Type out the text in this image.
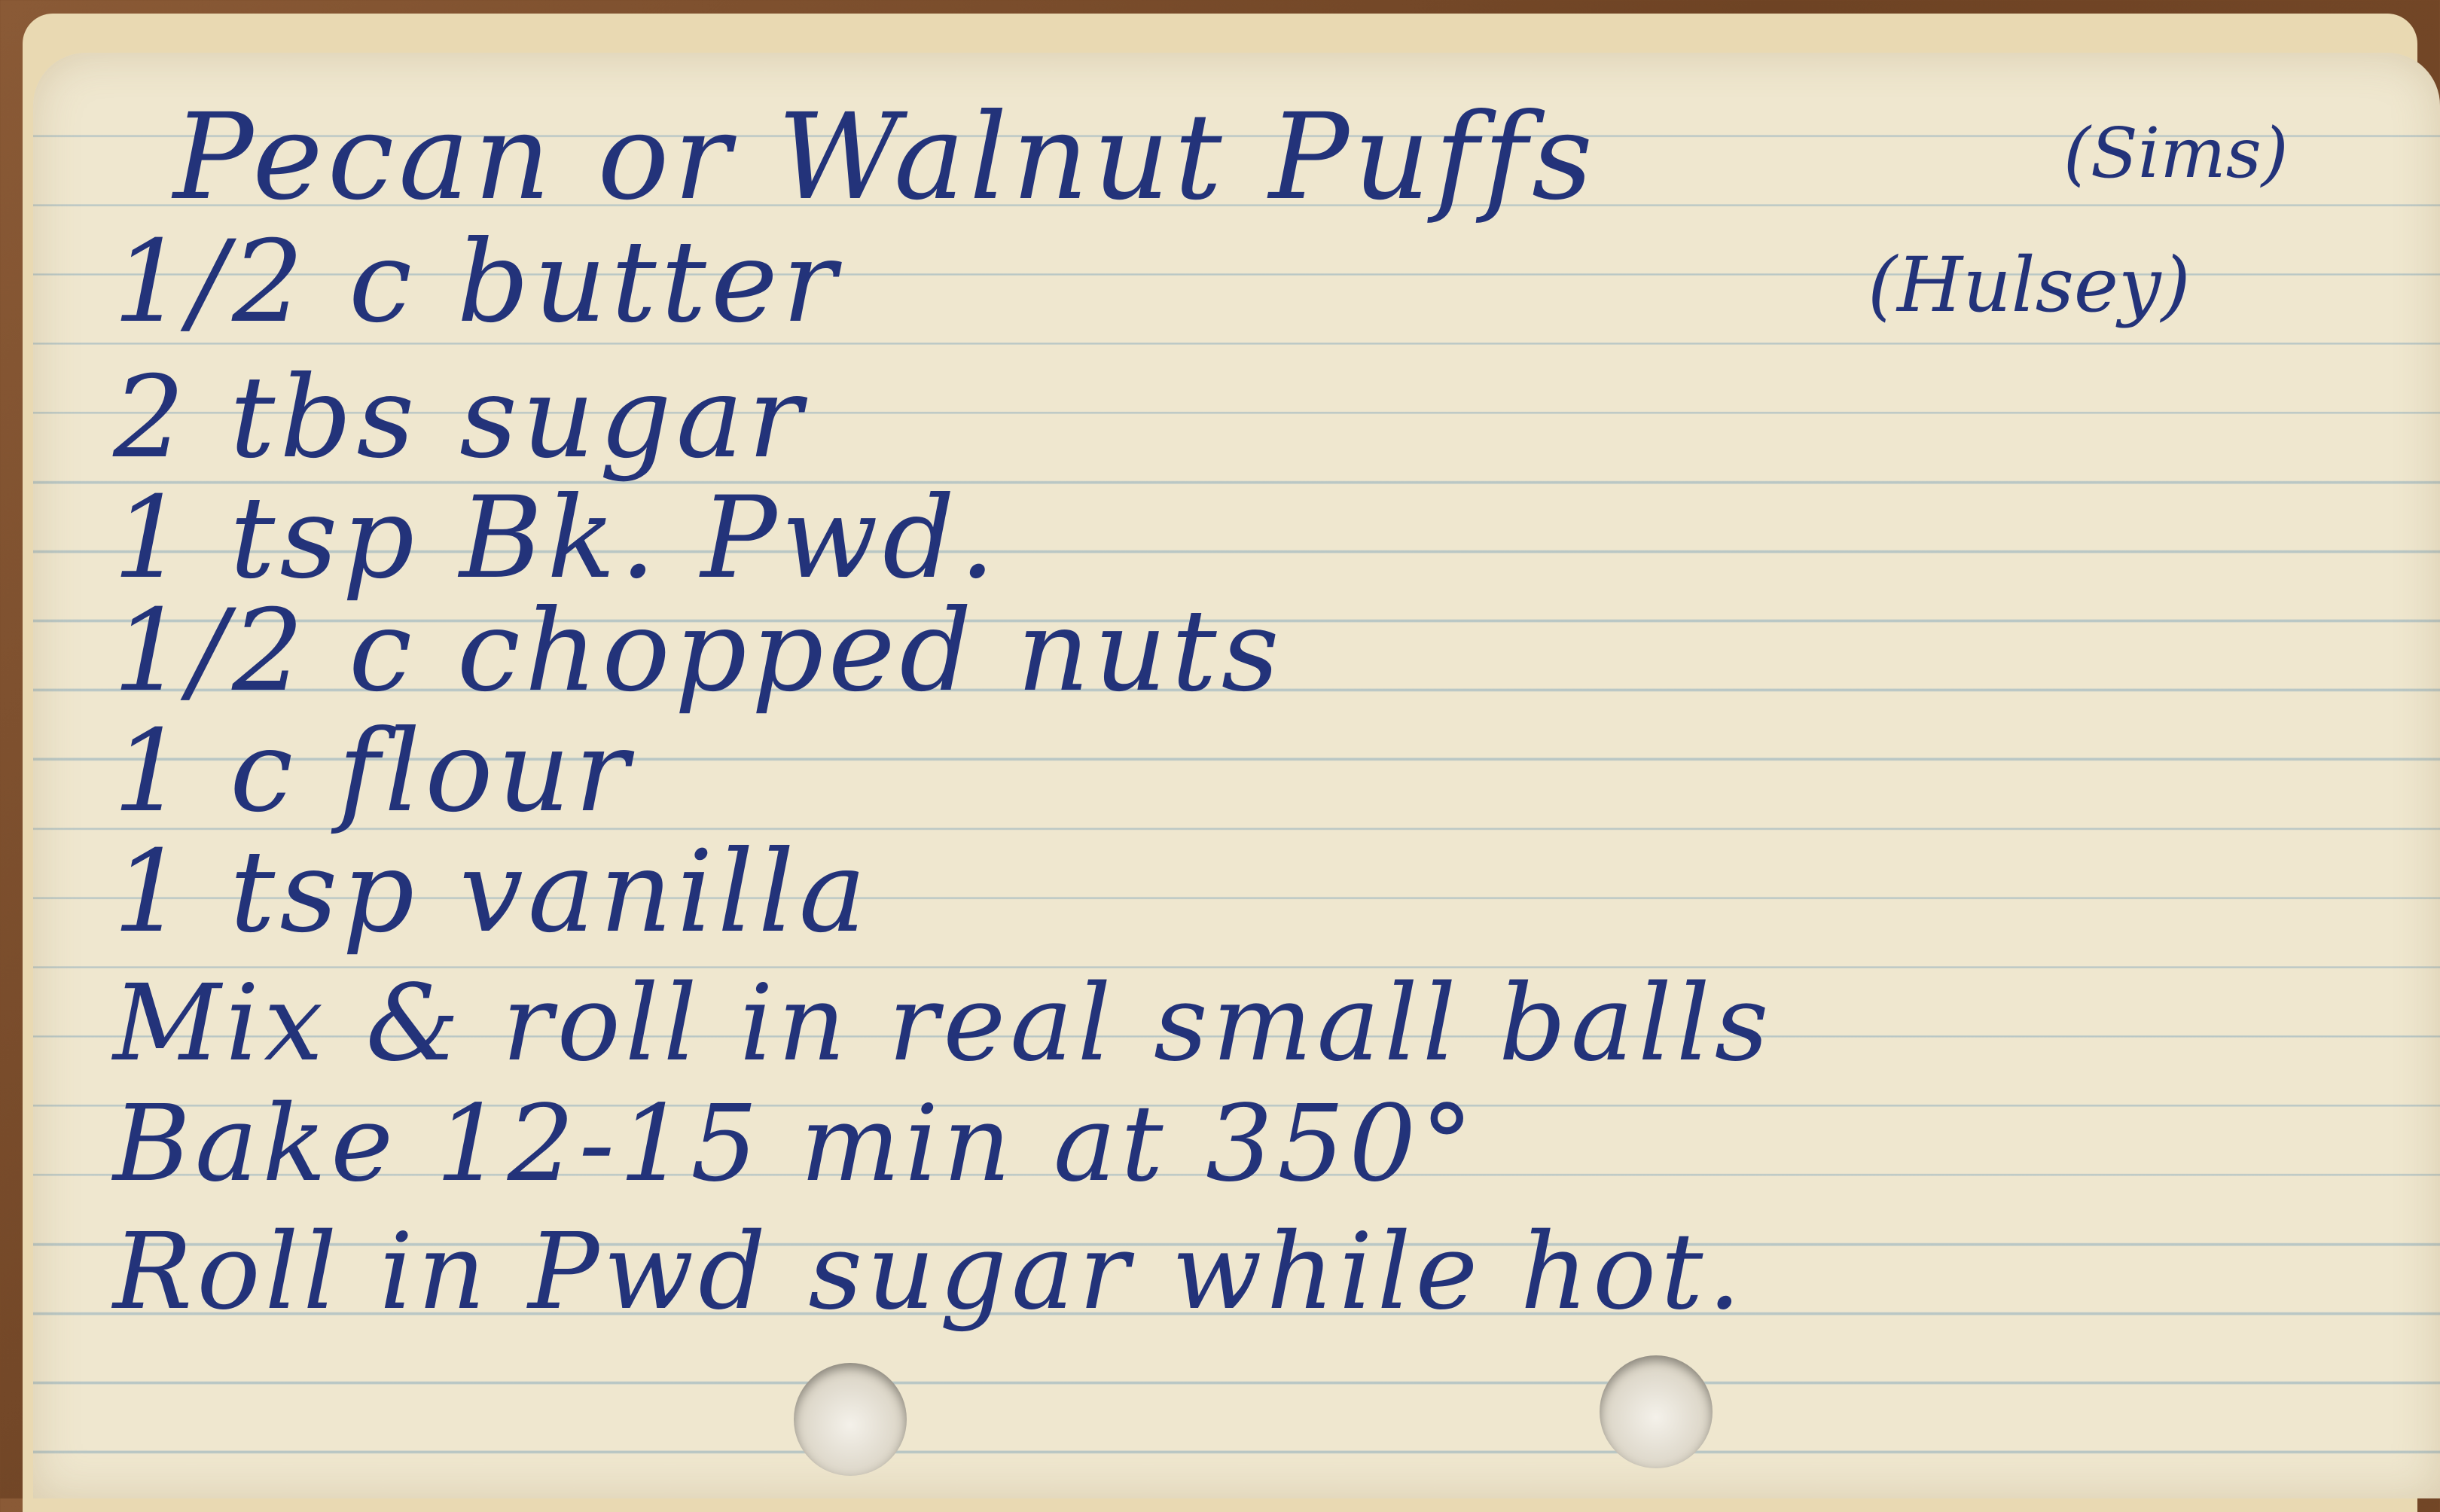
Pecan or Walnut Puffs	(Sims)
(Hulsey)
1/2 c butter
2 tbs sugar
1 tsp Bk. Pwd.
1/2 c chopped nuts
1 c flour
1 tsp vanilla
Mix & roll in real small balls
Bake 12-15 min at 350°
Roll in Pwd sugar while hot.
